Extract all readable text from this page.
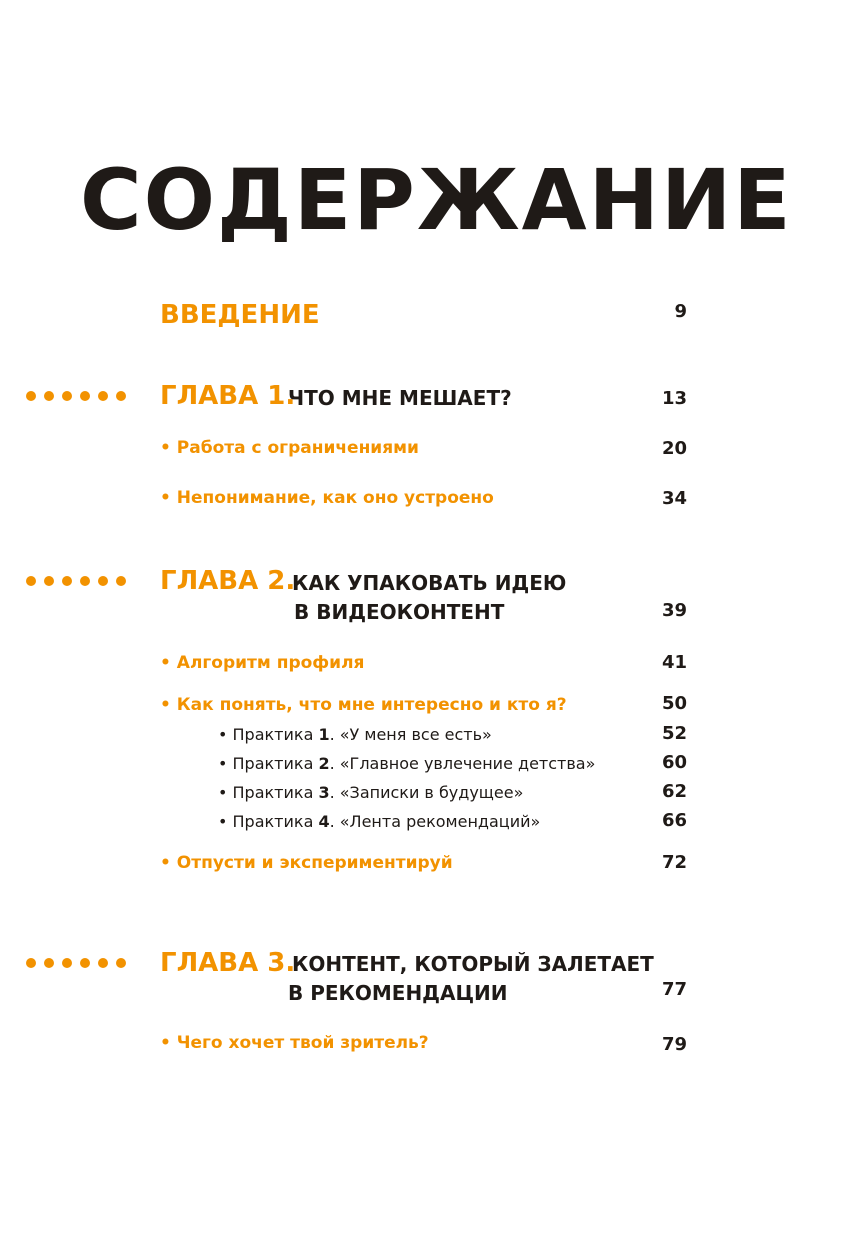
СОДЕРЖАНИЕ
ВВЕДЕНИЕ	9
ГЛАВА 1.
ЧТО МНЕ МЕШАЕТ?	13
• Работа с ограничениями	20
• Непонимание, как оно устроено	34
ГЛАВА 2.
КАК УПАКОВАТЬ ИДЕЮ
В ВИДЕОКОНТЕНТ	39
• Алгоритм профиля	41
• Как понять, что мне интересно и кто я?	50
• Практика 1. «У меня все есть»	52
• Практика 2. «Главное увлечение детства»	60
• Практика 3. «Записки в будущее»	62
• Практика 4. «Лента рекомендаций»	66
• Отпусти и экспериментируй	72
ГЛАВА 3.
КОНТЕНТ, КОТОРЫЙ ЗАЛЕТАЕТ
В РЕКОМЕНДАЦИИ	77
• Чего хочет твой зритель?	79
